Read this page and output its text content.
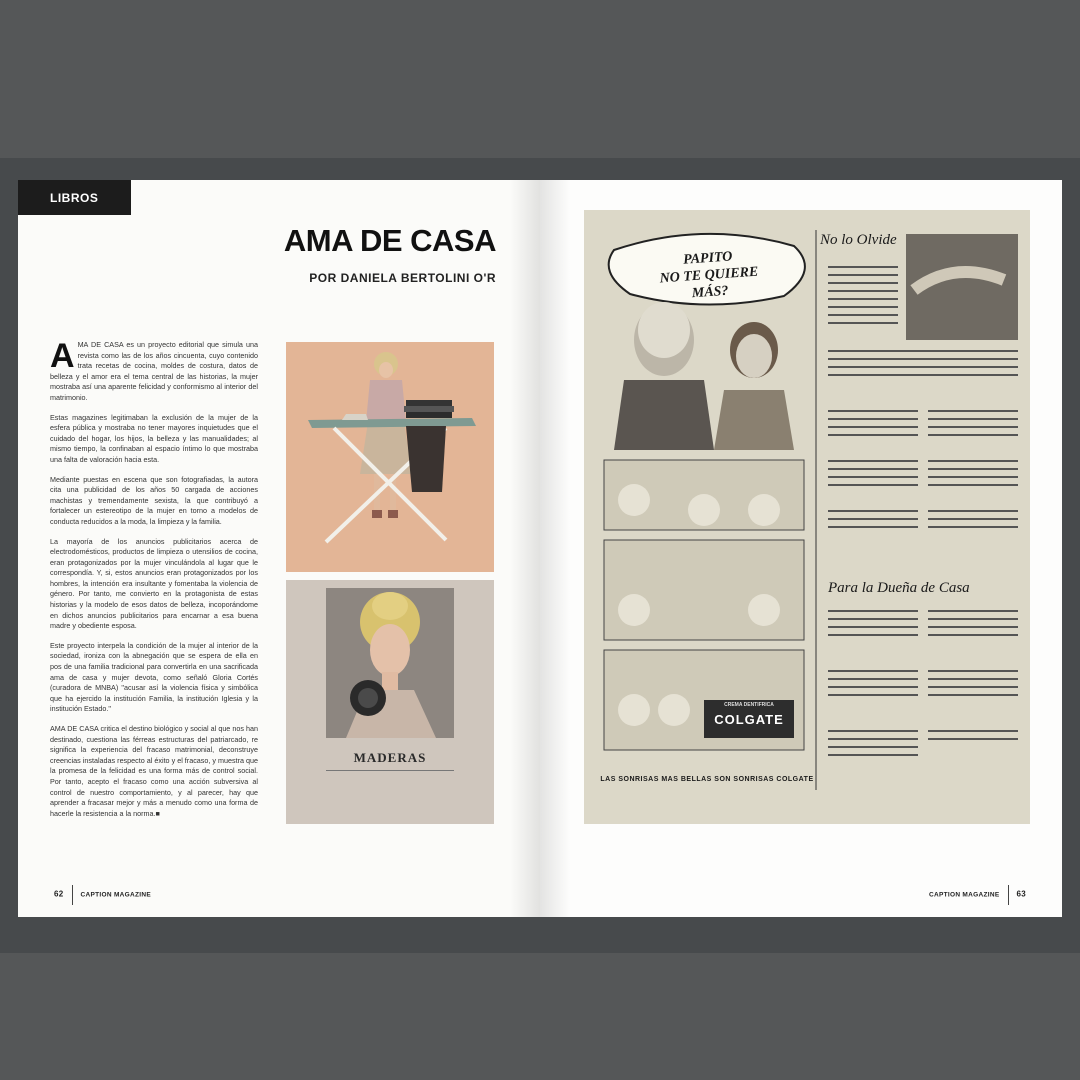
LIBROS
AMA DE CASA
POR DANIELA BERTOLINI O'R

AMA DE CASA es un proyecto editorial que simula una revista como las de los años cincuenta, cuyo contenido trata recetas de cocina, moldes de costura, datos de belleza y el amor era el tema central de las historias, la mujer mostraba así una aparente felicidad y conformismo al interior del matrimonio.

Estas magazines legitimaban la exclusión de la mujer de la esfera pública y mostraba no tener mayores inquietudes que el cuidado del hogar, los hijos, la belleza y las manualidades; al mismo tiempo, la confinaban al espacio íntimo lo que mostraba una falta de valoración hacia esta.

Mediante puestas en escena que son fotografiadas, la autora cita una publicidad de los años 50 cargada de acciones machistas y tremendamente sexista, la que contribuyó a fortalecer un estereotipo de la mujer en torno a modelos de conducta reducidos a la moda, la limpieza y la familia.

La mayoría de los anuncios publicitarios acerca de electrodomésticos, productos de limpieza o utensilios de cocina, eran protagonizados por la mujer vinculándola al lugar que le correspondía. Y, si, estos anuncios eran protagonizados por los hombres, la intención era insultante y fomentaba la violencia de género. Por tanto, me convierto en la protagonista de estas historias y la modelo de esos datos de belleza, incoporándome en dichos anuncios publicitarios para encarnar a esa buena madre y obediente esposa.

Este proyecto interpela la condición de la mujer al interior de la sociedad, ironiza con la abnegación que se espera de ella en pos de una familia tradicional para convertirla en una sacrificada ama de casa y mujer devota, como señaló Gloria Cortés (curadora de MNBA) "acusar así la violencia física y simbólica que ha ejercido la institución Familia, la institución Iglesia y la institución Estado."

AMA DE CASA critica el destino biológico y social al que nos han destinado, cuestiona las férreas estructuras del patriarcado, re significa la experiencia del fracaso matrimonial, deconstruye creencias instaladas respecto al éxito y el fracaso, y muestra que la promesa de la felicidad es una forma más de control social. Por tanto, acepto el fracaso como una acción subversiva al control de nuestro comportamiento, y al parecer, hay que aprender a fracasar mejor y más a menudo como una forma de hacerle la resistencia a la norma.■

MADERAS
62	CAPTION MAGAZINE
PAPITO
NO TE QUIERE
MÁS?
No lo Olvide
Para la Dueña de Casa
CREMA DENTIFRICA
COLGATE
LAS SONRISAS MAS BELLAS SON SONRISAS COLGATE
CAPTION MAGAZINE 63
